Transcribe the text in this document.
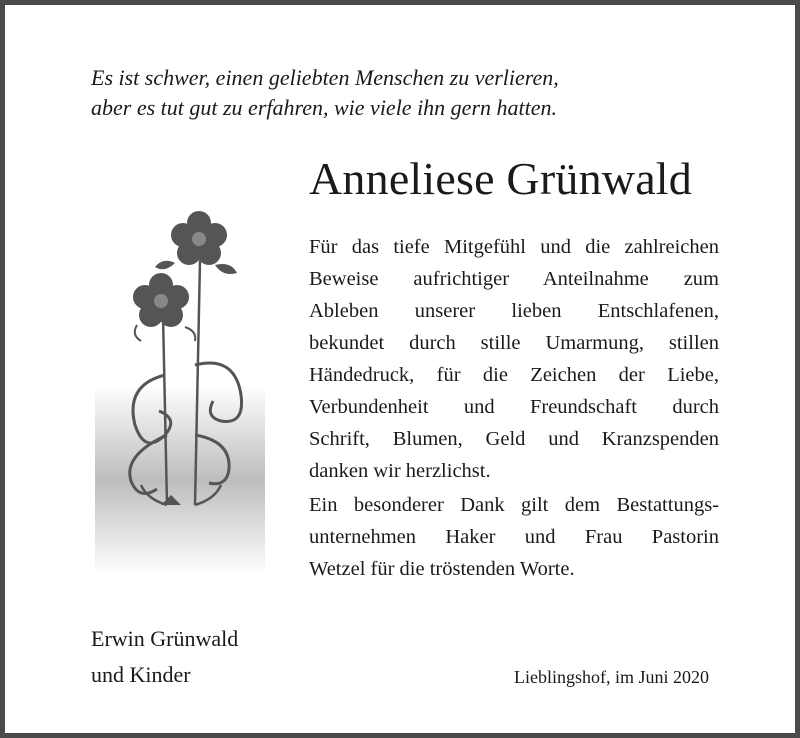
Es ist schwer, einen geliebten Menschen zu verlieren,
aber es tut gut zu erfahren, wie viele ihn gern hatten.
Anneliese Grünwald
Für das tiefe Mitgefühl und die zahlreichen
Beweise aufrichtiger Anteilnahme zum
Ableben unserer lieben Entschlafenen,
bekundet durch stille Umarmung, stillen
Händedruck, für die Zeichen der Liebe,
Verbundenheit und Freundschaft durch
Schrift, Blumen, Geld und Kranzspenden
danken wir herzlichst.
Ein besonderer Dank gilt dem Bestattungs-
unternehmen Haker und Frau Pastorin
Wetzel für die tröstenden Worte.
Erwin Grünwald
und Kinder	Lieblingshof, im Juni 2020
